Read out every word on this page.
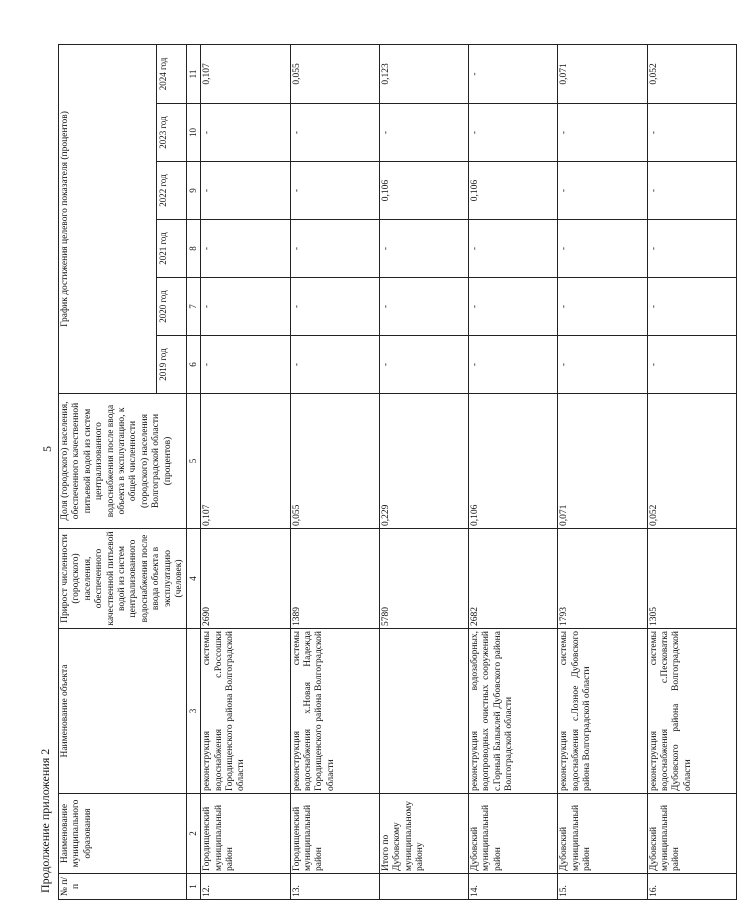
5
Продолжение приложения 2 № п/п	Наименование муниципального образования	Наименование объекта	Прирост численности (городского) населения, обеспеченного качественной питьевой водой из систем централизованного водоснабжения после ввода объекта в эксплуатацию (человек)	Доля (городского) населения, обеспеченного качественной питьевой водой из систем централизованного водоснабжения после ввода объекта в эксплуатацию, к общей численности (городского) населения Волгоградской области (процентов)	График достижения целевого показателя (процентов)					
					2019 год	2020 год	2021 год	2022 год	2023 год	2024 год
1	2	3	4	5	6	7	8	9	10	11
12.	Городищенский муниципальный район	реконструкция системы водоснабжения с.Россошки Городищенского района Волгоградской области	2690	0,107	-	-	-	-	-	0,107
13.	Городищенский муниципальный район	реконструкция системы водоснабжения х.Новая Надежда Городищенского района Волгоградской области	1389	0,055	-	-	-	-	-	0,055
	Итого по Дубовскому муниципальному району		5780	0,229	-	-	-	0,106	-	0,123
14.	Дубовский муниципальный район	реконструкция водозаборных, водопроводных очистных сооружений с.Горный Балыклей Дубовского района Волгоградской области	2682	0,106	-	-	-	0,106	-	-
15.	Дубовский муниципальный район	реконструкция системы водоснабжения с.Лозное Дубовского района Волгоградской области	1793	0,071	-	-	-	-	-	0,071
16.	Дубовский муниципальный район	реконструкция системы водоснабжения с.Песковатка Дубовского района Волгоградской области	1305	0,052	-	-	-	-	-	0,052
